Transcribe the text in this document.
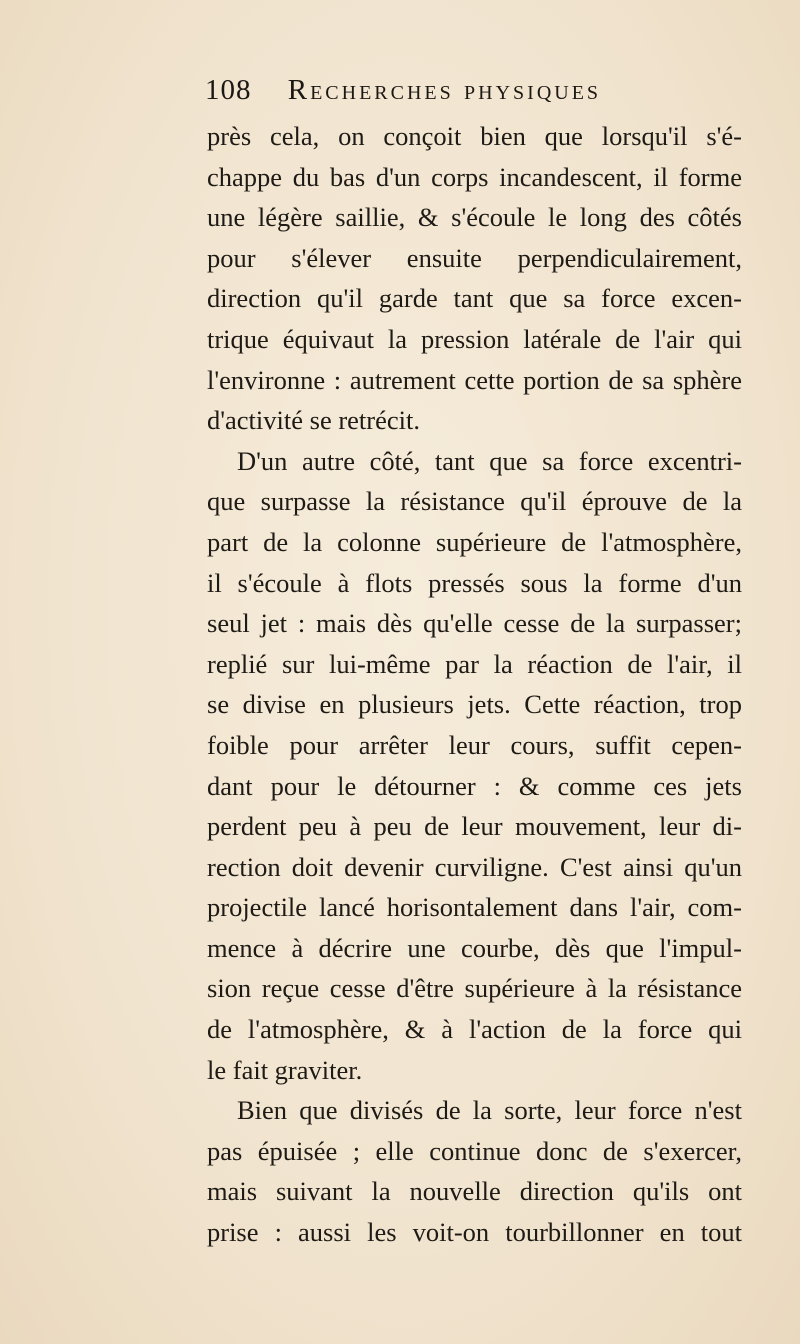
108 Recherches physiques
près cela, on conçoit bien que lorsqu'il s'é-
chappe du bas d'un corps incandescent, il forme
une légère saillie, & s'écoule le long des côtés
pour s'élever ensuite perpendiculairement,
direction qu'il garde tant que sa force excen-
trique équivaut la pression latérale de l'air qui
l'environne : autrement cette portion de sa sphère
d'activité se retrécit.
D'un autre côté, tant que sa force excentri-
que surpasse la résistance qu'il éprouve de la
part de la colonne supérieure de l'atmosphère,
il s'écoule à flots pressés sous la forme d'un
seul jet : mais dès qu'elle cesse de la surpasser;
replié sur lui-même par la réaction de l'air, il
se divise en plusieurs jets. Cette réaction, trop
foible pour arrêter leur cours, suffit cepen-
dant pour le détourner : & comme ces jets
perdent peu à peu de leur mouvement, leur di-
rection doit devenir curviligne. C'est ainsi qu'un
projectile lancé horisontalement dans l'air, com-
mence à décrire une courbe, dès que l'impul-
sion reçue cesse d'être supérieure à la résistance
de l'atmosphère, & à l'action de la force qui
le fait graviter.
Bien que divisés de la sorte, leur force n'est
pas épuisée ; elle continue donc de s'exercer,
mais suivant la nouvelle direction qu'ils ont
prise : aussi les voit-on tourbillonner en tout
